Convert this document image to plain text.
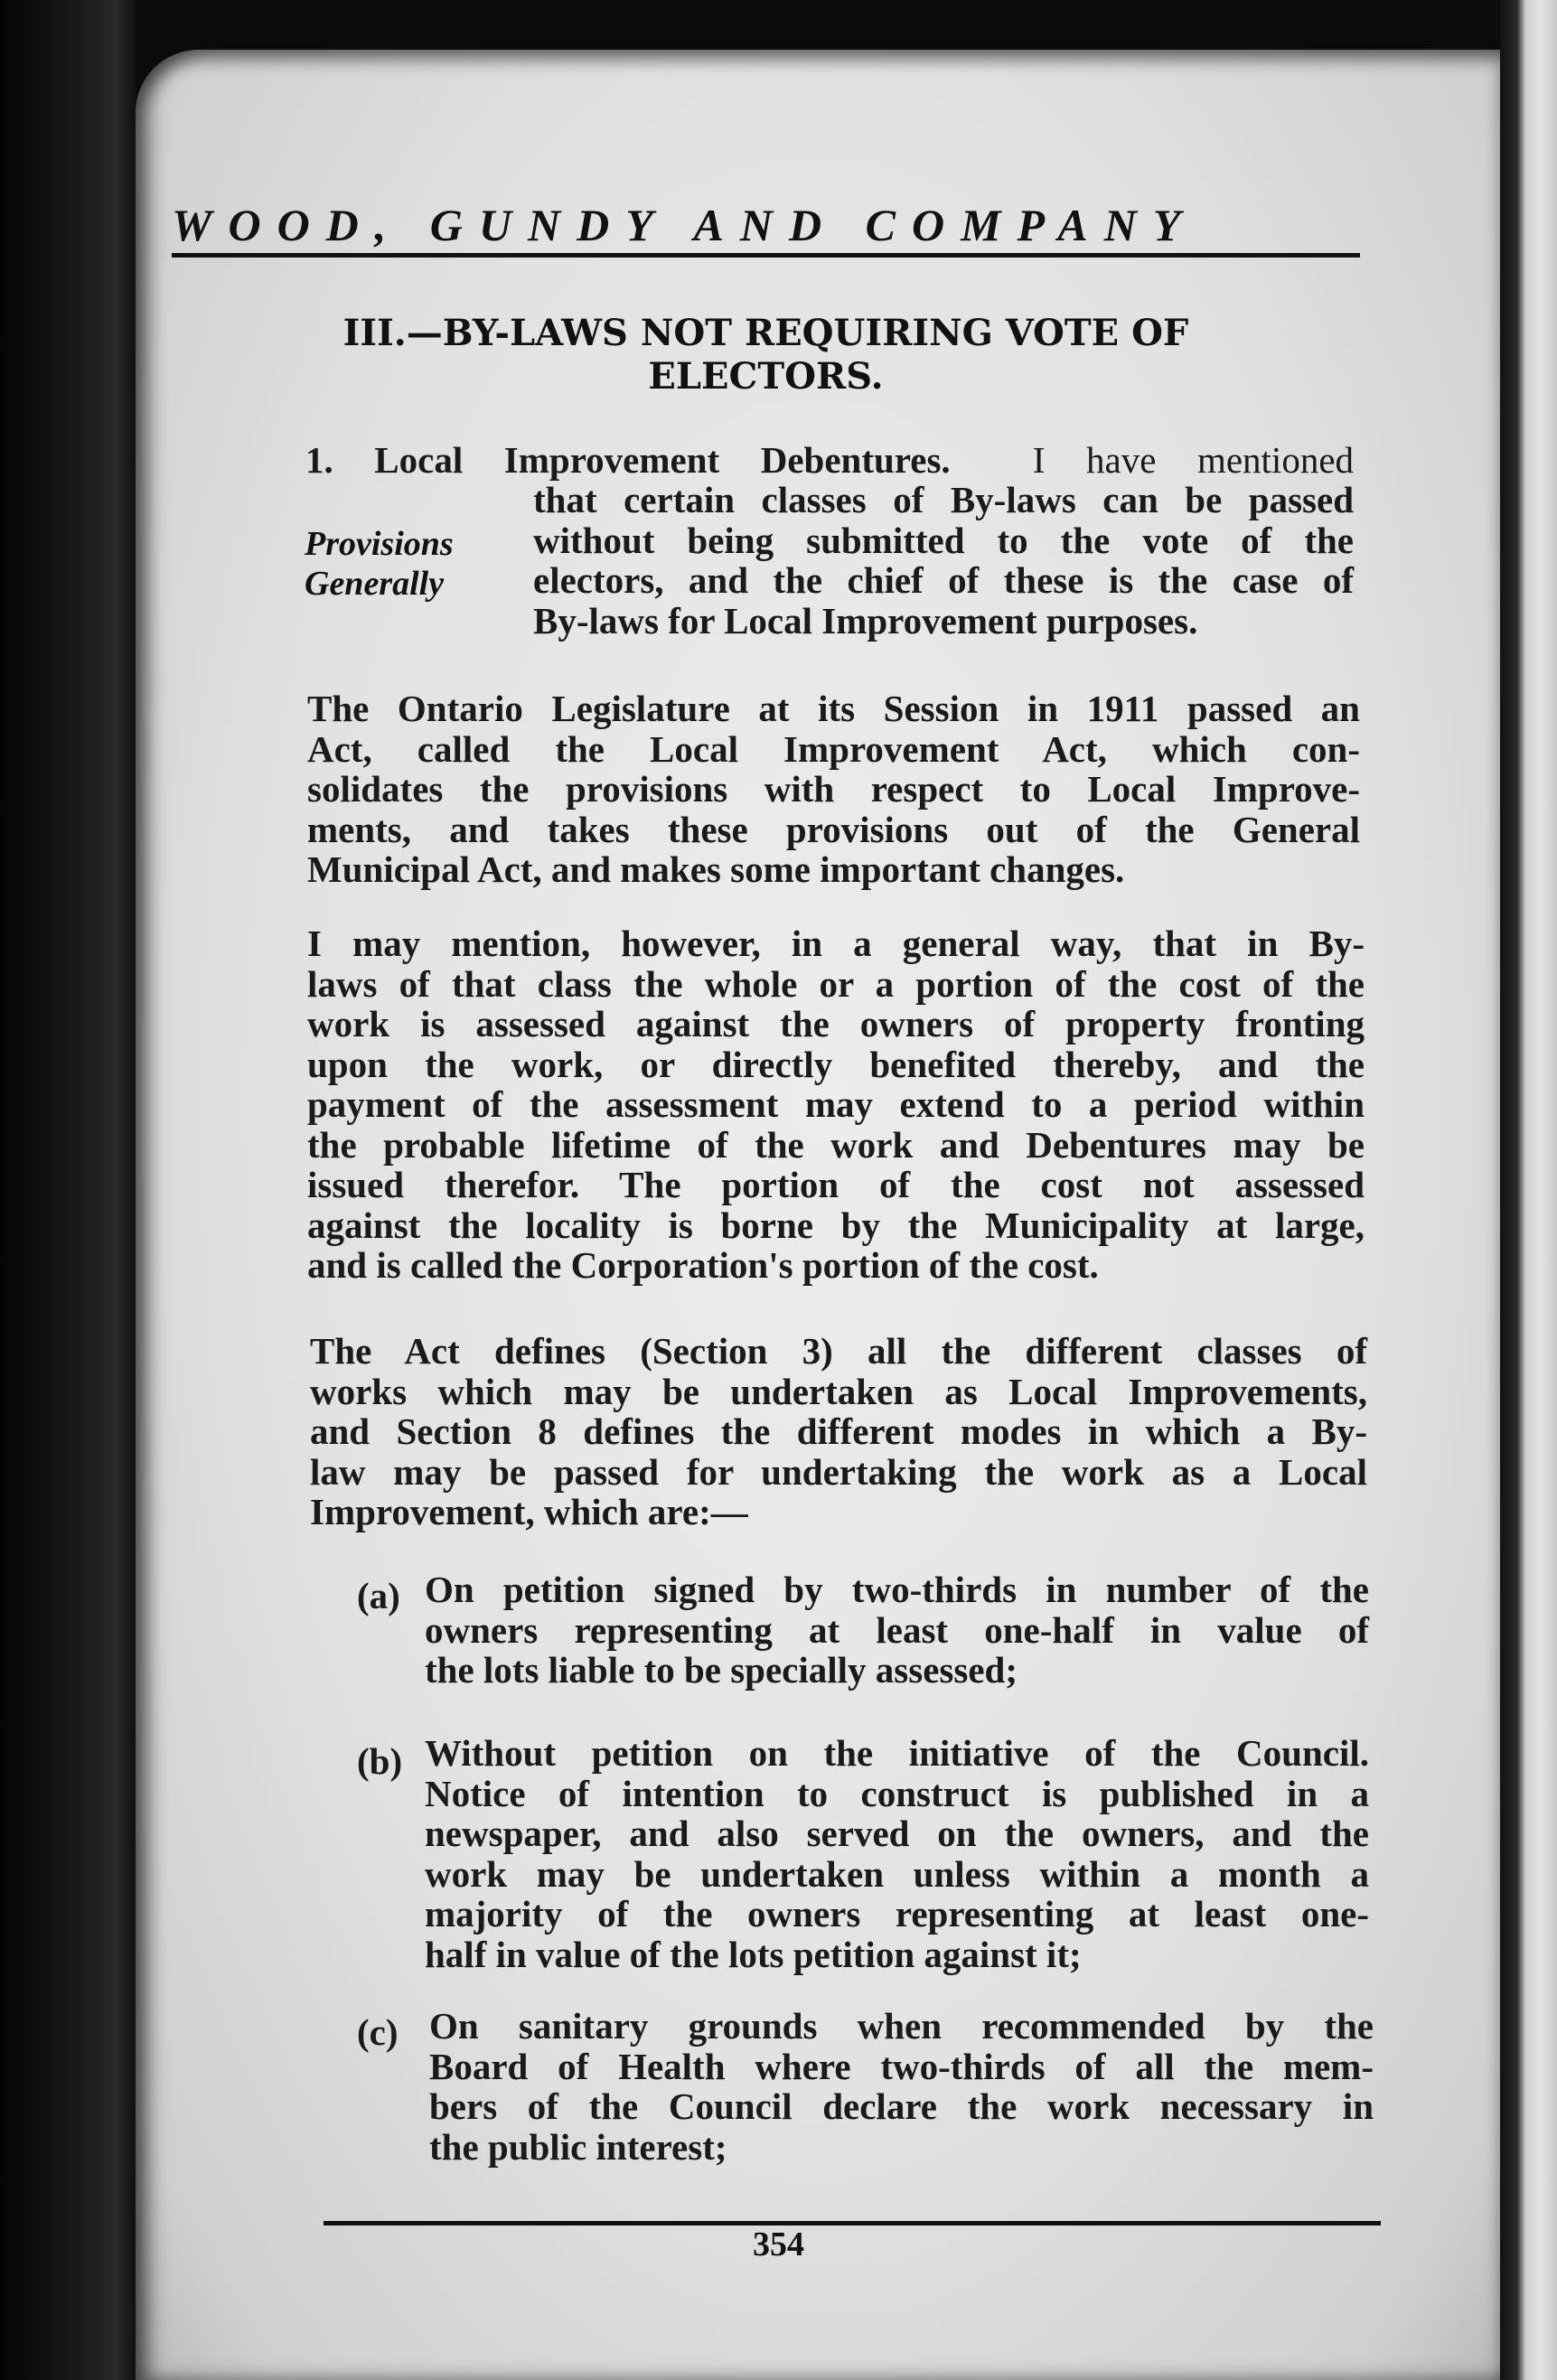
WOOD, GUNDY AND COMPANY
III.—BY-LAWS NOT REQUIRING VOTE OF
ELECTORS.
1. Local Improvement Debentures. I have mentioned
that certain classes of By-laws can be passed
without being submitted to the vote of the
electors, and the chief of these is the case of
By-laws for Local Improvement purposes.
Provisions
Generally
The Ontario Legislature at its Session in 1911 passed an
Act, called the Local Improvement Act, which con-
solidates the provisions with respect to Local Improve-
ments, and takes these provisions out of the General
Municipal Act, and makes some important changes.
I may mention, however, in a general way, that in By-
laws of that class the whole or a portion of the cost of the
work is assessed against the owners of property fronting
upon the work, or directly benefited thereby, and the
payment of the assessment may extend to a period within
the probable lifetime of the work and Debentures may be
issued therefor. The portion of the cost not assessed
against the locality is borne by the Municipality at large,
and is called the Corporation's portion of the cost.
The Act defines (Section 3) all the different classes of
works which may be undertaken as Local Improvements,
and Section 8 defines the different modes in which a By-
law may be passed for undertaking the work as a Local
Improvement, which are:—
(a) On petition signed by two-thirds in number of the
owners representing at least one-half in value of
the lots liable to be specially assessed;
(b) Without petition on the initiative of the Council.
Notice of intention to construct is published in a
newspaper, and also served on the owners, and the
work may be undertaken unless within a month a
majority of the owners representing at least one-
half in value of the lots petition against it;
(c) On sanitary grounds when recommended by the
Board of Health where two-thirds of all the mem-
bers of the Council declare the work necessary in
the public interest;
354
